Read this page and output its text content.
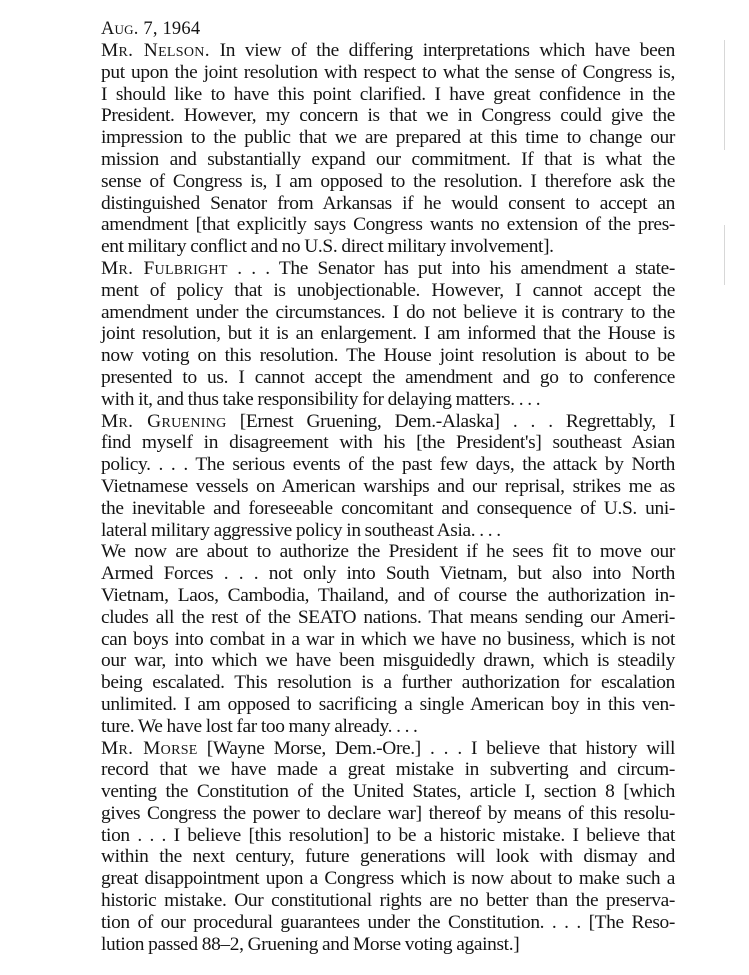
Aug. 7, 1964
Mr. Nelson. In view of the differing interpretations which have been
put upon the joint resolution with respect to what the sense of Congress is,
I should like to have this point clarified. I have great confidence in the
President. However, my concern is that we in Congress could give the
impression to the public that we are prepared at this time to change our
mission and substantially expand our commitment. If that is what the
sense of Congress is, I am opposed to the resolution. I therefore ask the
distinguished Senator from Arkansas if he would consent to accept an
amendment [that explicitly says Congress wants no extension of the pres-
ent military conflict and no U.S. direct military involvement].
Mr. Fulbright . . . The Senator has put into his amendment a state-
ment of policy that is unobjectionable. However, I cannot accept the
amendment under the circumstances. I do not believe it is contrary to the
joint resolution, but it is an enlargement. I am informed that the House is
now voting on this resolution. The House joint resolution is about to be
presented to us. I cannot accept the amendment and go to conference
with it, and thus take responsibility for delaying matters. . . .
Mr. Gruening [Ernest Gruening, Dem.-Alaska] . . . Regrettably, I
find myself in disagreement with his [the President's] southeast Asian
policy. . . . The serious events of the past few days, the attack by North
Vietnamese vessels on American warships and our reprisal, strikes me as
the inevitable and foreseeable concomitant and consequence of U.S. uni-
lateral military aggressive policy in southeast Asia. . . .
We now are about to authorize the President if he sees fit to move our
Armed Forces . . . not only into South Vietnam, but also into North
Vietnam, Laos, Cambodia, Thailand, and of course the authorization in-
cludes all the rest of the SEATO nations. That means sending our Ameri-
can boys into combat in a war in which we have no business, which is not
our war, into which we have been misguidedly drawn, which is steadily
being escalated. This resolution is a further authorization for escalation
unlimited. I am opposed to sacrificing a single American boy in this ven-
ture. We have lost far too many already. . . .
Mr. Morse [Wayne Morse, Dem.-Ore.] . . . I believe that history will
record that we have made a great mistake in subverting and circum-
venting the Constitution of the United States, article I, section 8 [which
gives Congress the power to declare war] thereof by means of this resolu-
tion . . . I believe [this resolution] to be a historic mistake. I believe that
within the next century, future generations will look with dismay and
great disappointment upon a Congress which is now about to make such a
historic mistake. Our constitutional rights are no better than the preserva-
tion of our procedural guarantees under the Constitution. . . . [The Reso-
lution passed 88–2, Gruening and Morse voting against.]
